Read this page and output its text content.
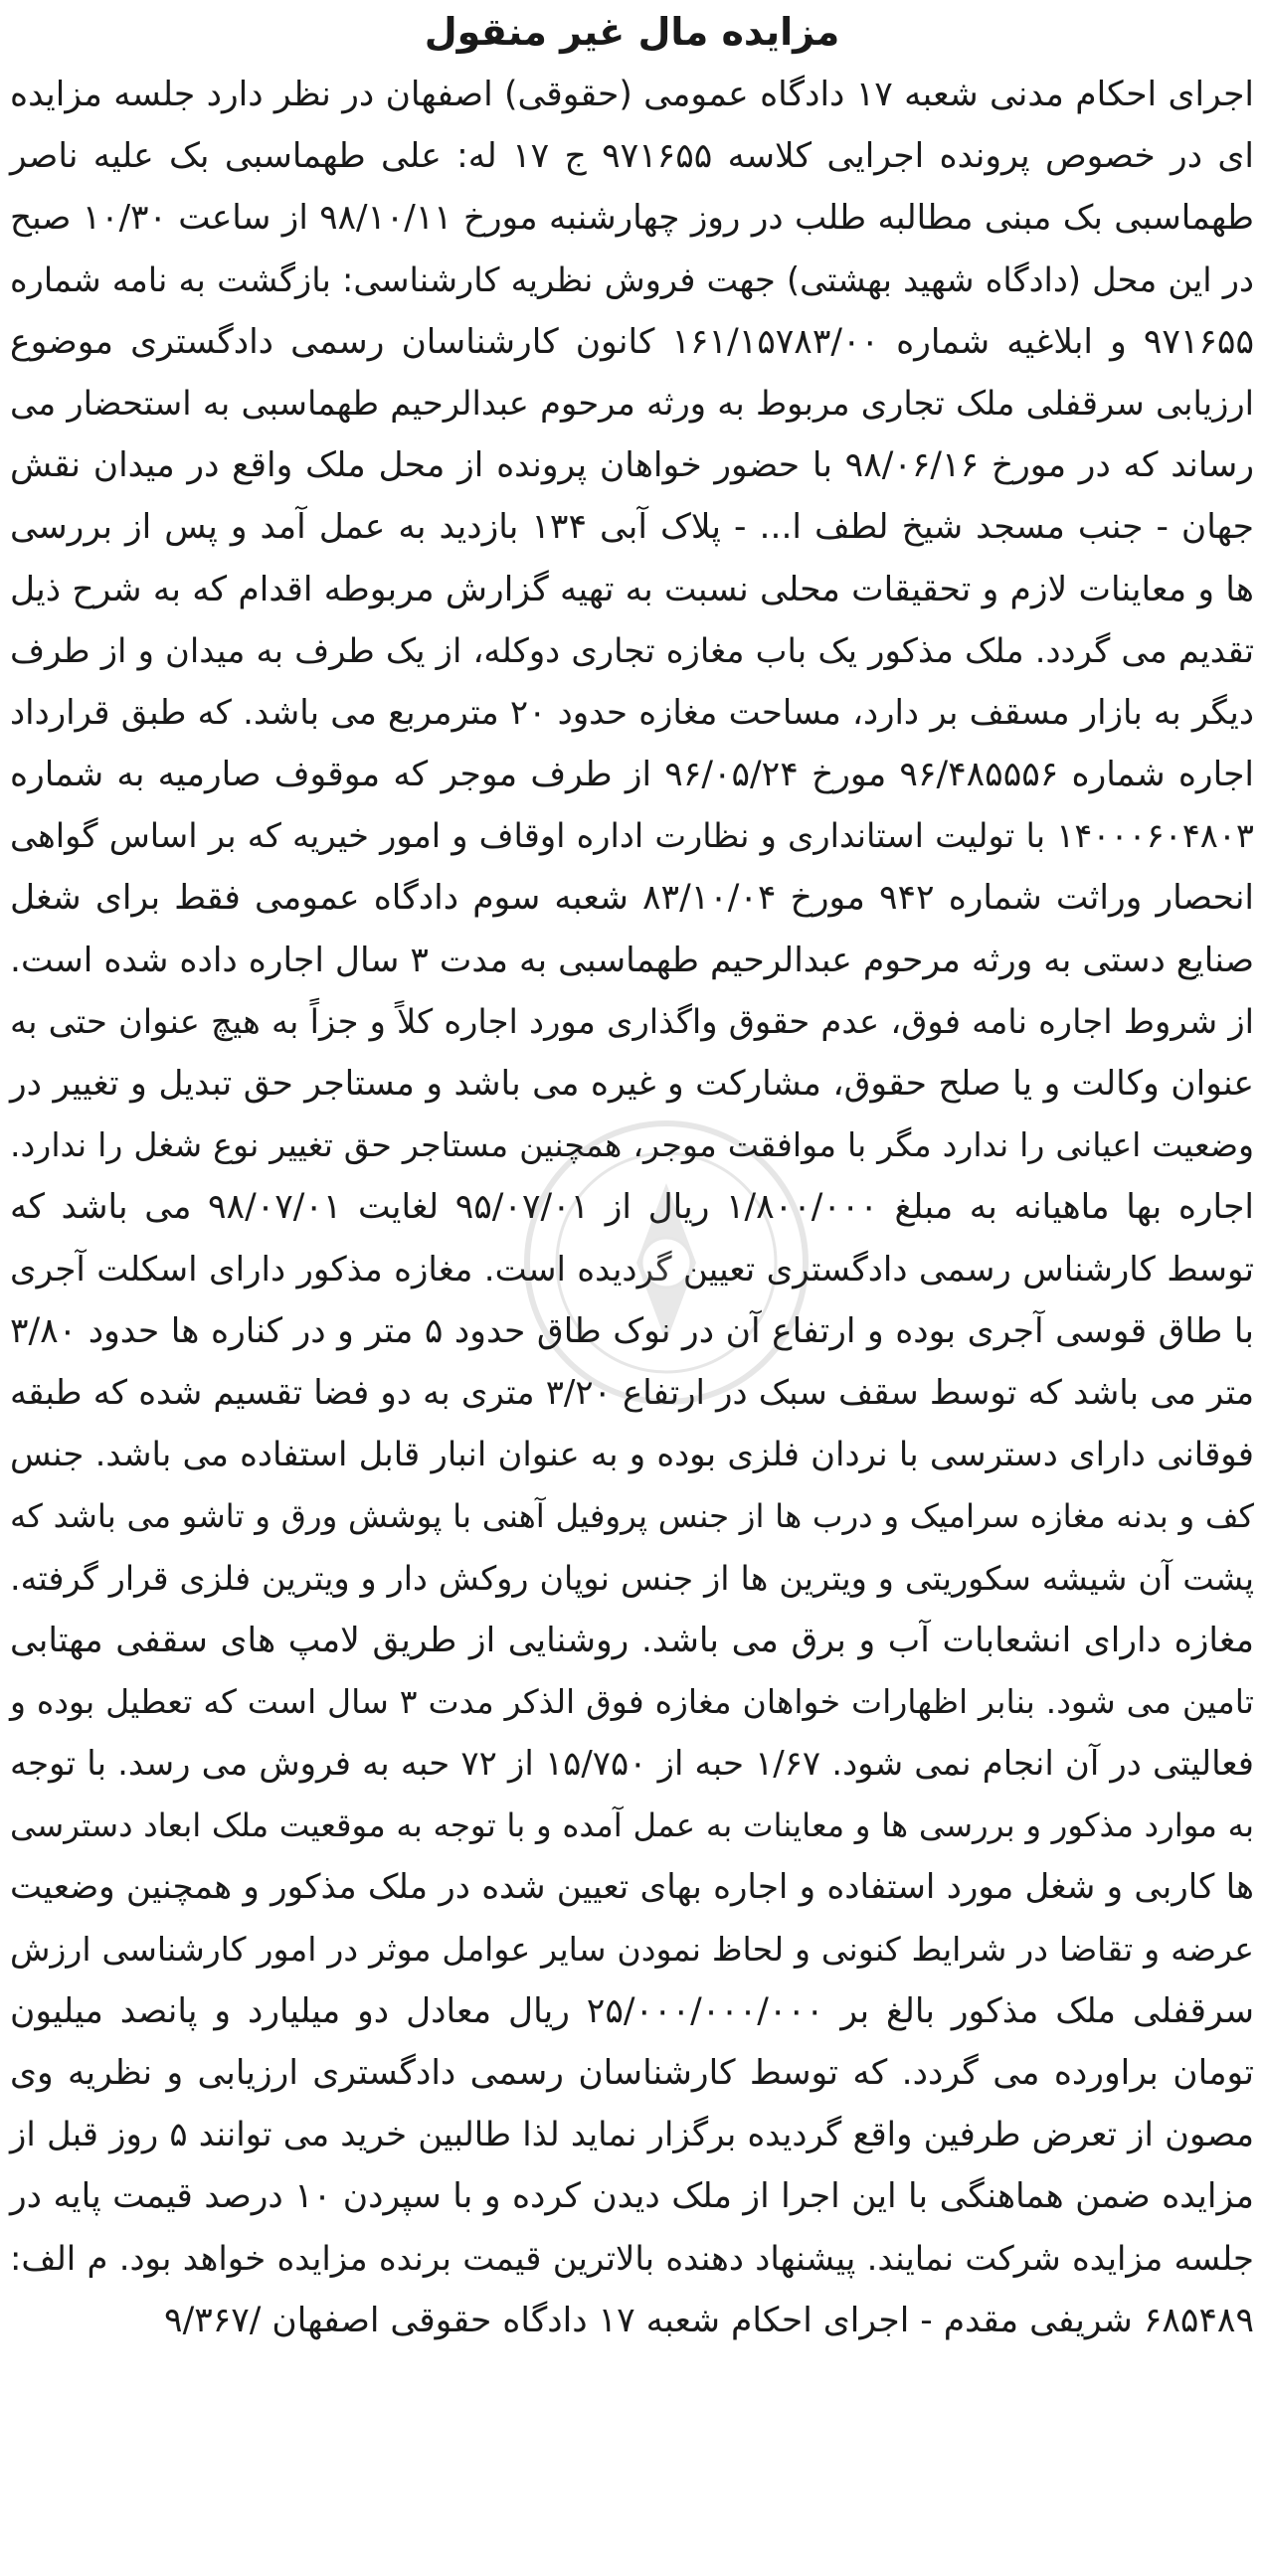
مزایده مال غیر منقول
اجرای احکام مدنی شعبه ۱۷ دادگاه عمومی (حقوقی) اصفهان در نظر دارد جلسه مزایده
ای در خصوص پرونده اجرایی کلاسه ۹۷۱۶۵۵ ج ۱۷ له: علی طهماسبی بک علیه ناصر
طهماسبی بک مبنی مطالبه طلب در روز چهارشنبه مورخ ۹۸/۱۰/۱۱ از ساعت ۱۰/۳۰ صبح
در این محل (دادگاه شهید بهشتی) جهت فروش نظریه کارشناسی: بازگشت به نامه شماره
۹۷۱۶۵۵ و ابلاغیه شماره ۱۶۱/۱۵۷۸۳/۰۰ کانون کارشناسان رسمی دادگستری موضوع
ارزیابی سرقفلی ملک تجاری مربوط به ورثه مرحوم عبدالرحیم طهماسبی به استحضار می
رساند که در مورخ ۹۸/۰۶/۱۶ با حضور خواهان پرونده از محل ملک واقع در میدان نقش
جهان - جنب مسجد شیخ لطف ا... - پلاک آبی ۱۳۴ بازدید به عمل آمد و پس از بررسی
ها و معاینات لازم و تحقیقات محلی نسبت به تهیه گزارش مربوطه اقدام که به شرح ذیل
تقدیم می گردد. ملک مذکور یک باب مغازه تجاری دوکله، از یک طرف به میدان و از طرف
دیگر به بازار مسقف بر دارد، مساحت مغازه حدود ۲۰ مترمربع می باشد. که طبق قرارداد
اجاره شماره ۹۶/۴۸۵۵۵۶ مورخ ۹۶/۰۵/۲۴ از طرف موجر که موقوف صارمیه به شماره
۱۴۰۰۰۶۰۴۸۰۳ با تولیت استانداری و نظارت اداره اوقاف و امور خیریه که بر اساس گواهی
انحصار وراثت شماره ۹۴۲ مورخ ۸۳/۱۰/۰۴ شعبه سوم دادگاه عمومی فقط برای شغل
صنایع دستی به ورثه مرحوم عبدالرحیم طهماسبی به مدت ۳ سال اجاره داده شده است.
از شروط اجاره نامه فوق، عدم حقوق واگذاری مورد اجاره کلاً و جزاً به هیچ عنوان حتی به
عنوان وکالت و یا صلح حقوق، مشارکت و غیره می باشد و مستاجر حق تبدیل و تغییر در
وضعیت اعیانی را ندارد مگر با موافقت موجر، همچنین مستاجر حق تغییر نوع شغل را ندارد.
اجاره بها ماهیانه به مبلغ ۱/۸۰۰/۰۰۰ ریال از ۹۵/۰۷/۰۱ لغایت ۹۸/۰۷/۰۱ می باشد که
توسط کارشناس رسمی دادگستری تعیین گردیده است. مغازه مذکور دارای اسکلت آجری
با طاق قوسی آجری بوده و ارتفاع آن در نوک طاق حدود ۵ متر و در کناره ها حدود ۳/۸۰
متر می باشد که توسط سقف سبک در ارتفاع ۳/۲۰ متری به دو فضا تقسیم شده که طبقه
فوقانی دارای دسترسی با نردان فلزی بوده و به عنوان انبار قابل استفاده می باشد. جنس
کف و بدنه مغازه سرامیک و درب ها از جنس پروفیل آهنی با پوشش ورق و تاشو می باشد که
پشت آن شیشه سکوریتی و ویترین ها از جنس نوپان روکش دار و ویترین فلزی قرار گرفته.
مغازه دارای انشعابات آب و برق می باشد. روشنایی از طریق لامپ های سقفی مهتابی
تامین می شود. بنابر اظهارات خواهان مغازه فوق الذکر مدت ۳ سال است که تعطیل بوده و
فعالیتی در آن انجام نمی شود. ۱/۶۷ حبه از ۱۵/۷۵۰ از ۷۲ حبه به فروش می رسد. با توجه
به موارد مذکور و بررسی ها و معاینات به عمل آمده و با توجه به موقعیت ملک ابعاد دسترسی
ها کاربی و شغل مورد استفاده و اجاره بهای تعیین شده در ملک مذکور و همچنین وضعیت
عرضه و تقاضا در شرایط کنونی و لحاظ نمودن سایر عوامل موثر در امور کارشناسی ارزش
سرقفلی ملک مذکور بالغ بر ۲۵/۰۰۰/۰۰۰/۰۰۰ ریال معادل دو میلیارد و پانصد میلیون
تومان براورده می گردد. که توسط کارشناسان رسمی دادگستری ارزیابی و نظریه وی
مصون از تعرض طرفین واقع گردیده برگزار نماید لذا طالبین خرید می توانند ۵ روز قبل از
مزایده ضمن هماهنگی با این اجرا از ملک دیدن کرده و با سپردن ۱۰ درصد قیمت پایه در
جلسه مزایده شرکت نمایند. پیشنهاد دهنده بالاترین قیمت برنده مزایده خواهد بود. م الف:
۶۸۵۴۸۹ شریفی مقدم - اجرای احکام شعبه ۱۷ دادگاه حقوقی اصفهان /۹/۳۶۷
